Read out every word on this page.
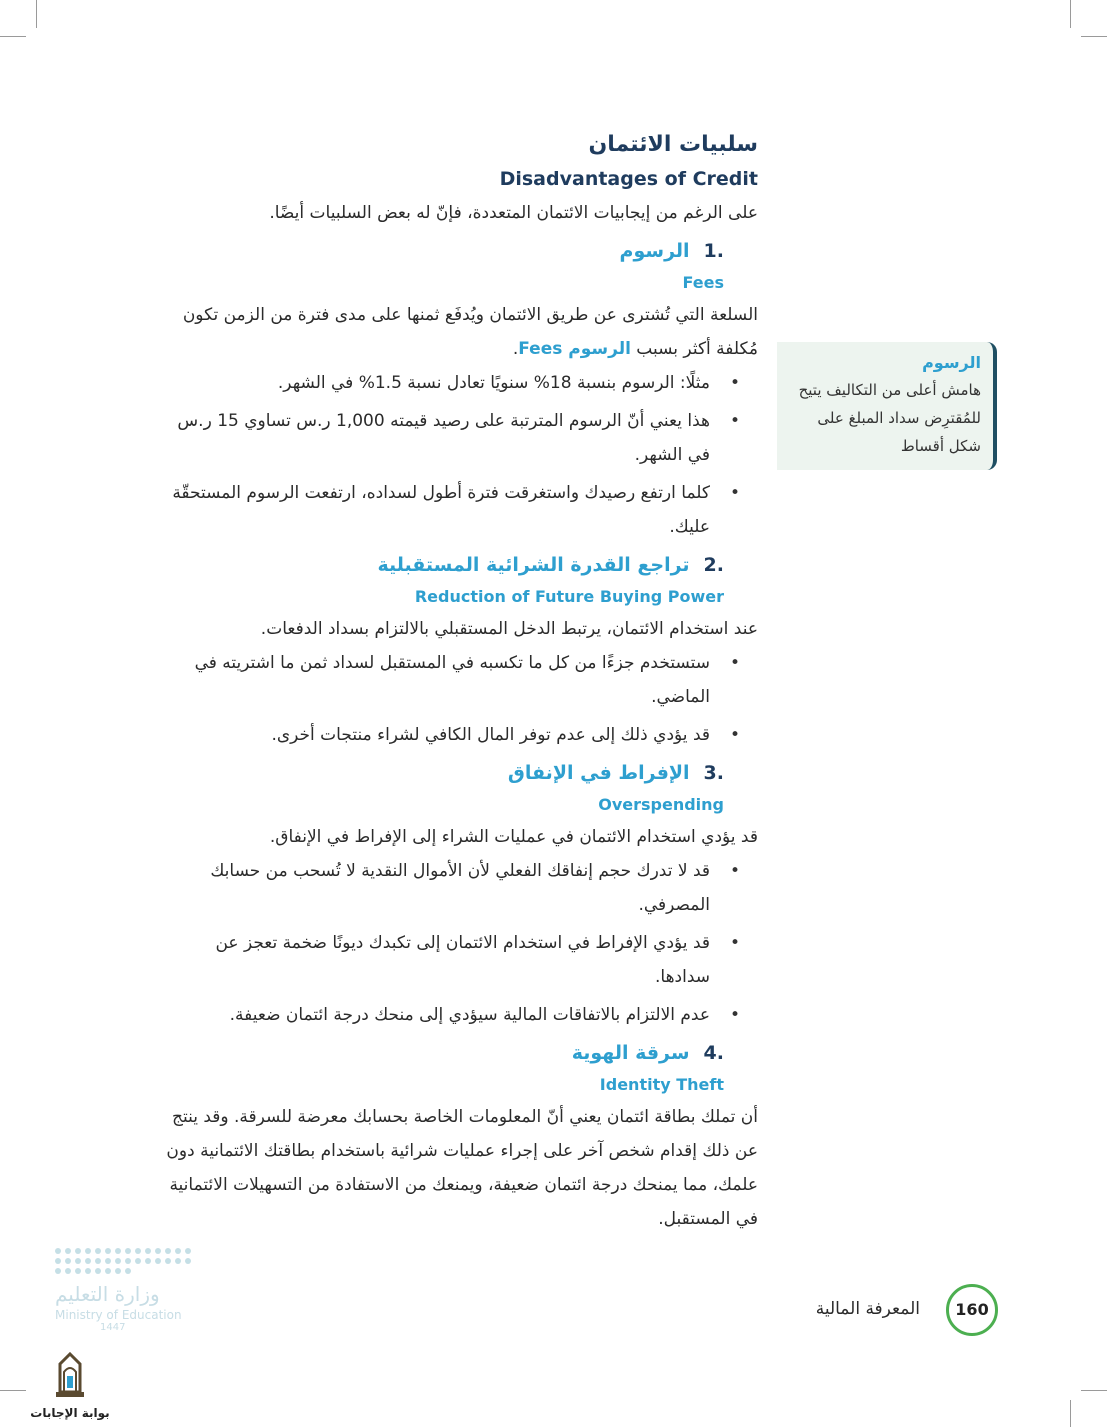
سلبيات الائتمان
Disadvantages of Credit

على الرغم من إيجابيات الائتمان المتعددة، فإنّ له بعض السلبيات أيضًا.

.1الرسوم
Fees

السلعة التي تُشترى عن طريق الائتمان ويُدفَع ثمنها على مدى فترة من الزمن تكون مُكلفة أكثر بسبب الرسوم Fees.

• مثلًا: الرسوم بنسبة 18% سنويًا تعادل نسبة 1.5% في الشهر.
• هذا يعني أنّ الرسوم المترتبة على رصيد قيمته 1,000 ر.س تساوي 15 ر.س في الشهر.
• كلما ارتفع رصيدك واستغرقت فترة أطول لسداده، ارتفعت الرسوم المستحقّة عليك.
.2تراجع القدرة الشرائية المستقبلية
Reduction of Future Buying Power

عند استخدام الائتمان، يرتبط الدخل المستقبلي بالالتزام بسداد الدفعات.

• ستستخدم جزءًا من كل ما تكسبه في المستقبل لسداد ثمن ما اشتريته في الماضي.
• قد يؤدي ذلك إلى عدم توفر المال الكافي لشراء منتجات أخرى.
.3الإفراط في الإنفاق
Overspending

قد يؤدي استخدام الائتمان في عمليات الشراء إلى الإفراط في الإنفاق.

• قد لا تدرك حجم إنفاقك الفعلي لأن الأموال النقدية لا تُسحب من حسابك المصرفي.
• قد يؤدي الإفراط في استخدام الائتمان إلى تكبدك ديونًا ضخمة تعجز عن سدادها.
• عدم الالتزام بالاتفاقات المالية سيؤدي إلى منحك درجة ائتمان ضعيفة.
.4سرقة الهوية
Identity Theft

أن تملك بطاقة ائتمان يعني أنّ المعلومات الخاصة بحسابك معرضة للسرقة. وقد ينتج عن ذلك إقدام شخص آخر على إجراء عمليات شرائية باستخدام بطاقتك الائتمانية دون علمك، مما يمنحك درجة ائتمان ضعيفة، ويمنعك من الاستفادة من التسهيلات الائتمانية في المستقبل.

الرسوم
هامش أعلى من التكاليف يتيح للمُقترِض سداد المبلغ على شكل أقساط
المعرفة المالية	160
وزارة التعليم
Ministry of Education
1447
بوابة الإجابات
